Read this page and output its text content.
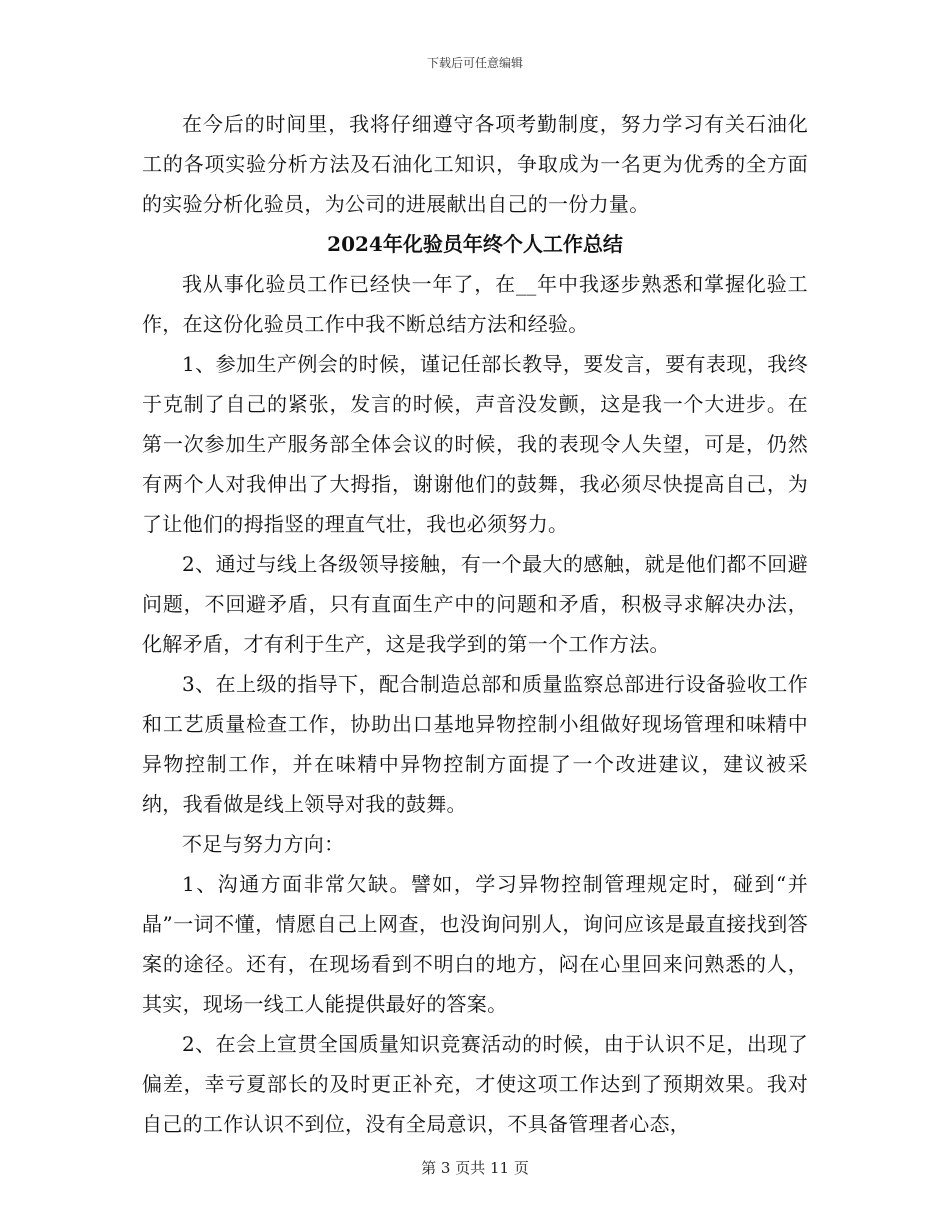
下载后可任意编辑

在今后的时间里，我将仔细遵守各项考勤制度，努力学习有关石油化工的各项实验分析方法及石油化工知识，争取成为一名更为优秀的全方面的实验分析化验员，为公司的进展献出自己的一份力量。

2024年化验员年终个人工作总结

我从事化验员工作已经快一年了，在__年中我逐步熟悉和掌握化验工作，在这份化验员工作中我不断总结方法和经验。

1、参加生产例会的时候，谨记任部长教导，要发言，要有表现，我终于克制了自己的紧张，发言的时候，声音没发颤，这是我一个大进步。在第一次参加生产服务部全体会议的时候，我的表现令人失望，可是，仍然有两个人对我伸出了大拇指，谢谢他们的鼓舞，我必须尽快提高自己，为了让他们的拇指竖的理直气壮，我也必须努力。

2、通过与线上各级领导接触，有一个最大的感触，就是他们都不回避问题，不回避矛盾，只有直面生产中的问题和矛盾，积极寻求解决办法，化解矛盾，才有利于生产，这是我学到的第一个工作方法。

3、在上级的指导下，配合制造总部和质量监察总部进行设备验收工作和工艺质量检查工作，协助出口基地异物控制小组做好现场管理和味精中异物控制工作，并在味精中异物控制方面提了一个改进建议，建议被采纳，我看做是线上领导对我的鼓舞。

不足与努力方向：

1、沟通方面非常欠缺。譬如，学习异物控制管理规定时，碰到“并晶”一词不懂，情愿自己上网查，也没询问别人，询问应该是最直接找到答案的途径。还有，在现场看到不明白的地方，闷在心里回来问熟悉的人，其实，现场一线工人能提供最好的答案。

2、在会上宣贯全国质量知识竞赛活动的时候，由于认识不足，出现了偏差，幸亏夏部长的及时更正补充，才使这项工作达到了预期效果。我对自己的工作认识不到位，没有全局意识，不具备管理者心态，

第 3 页共 11 页
